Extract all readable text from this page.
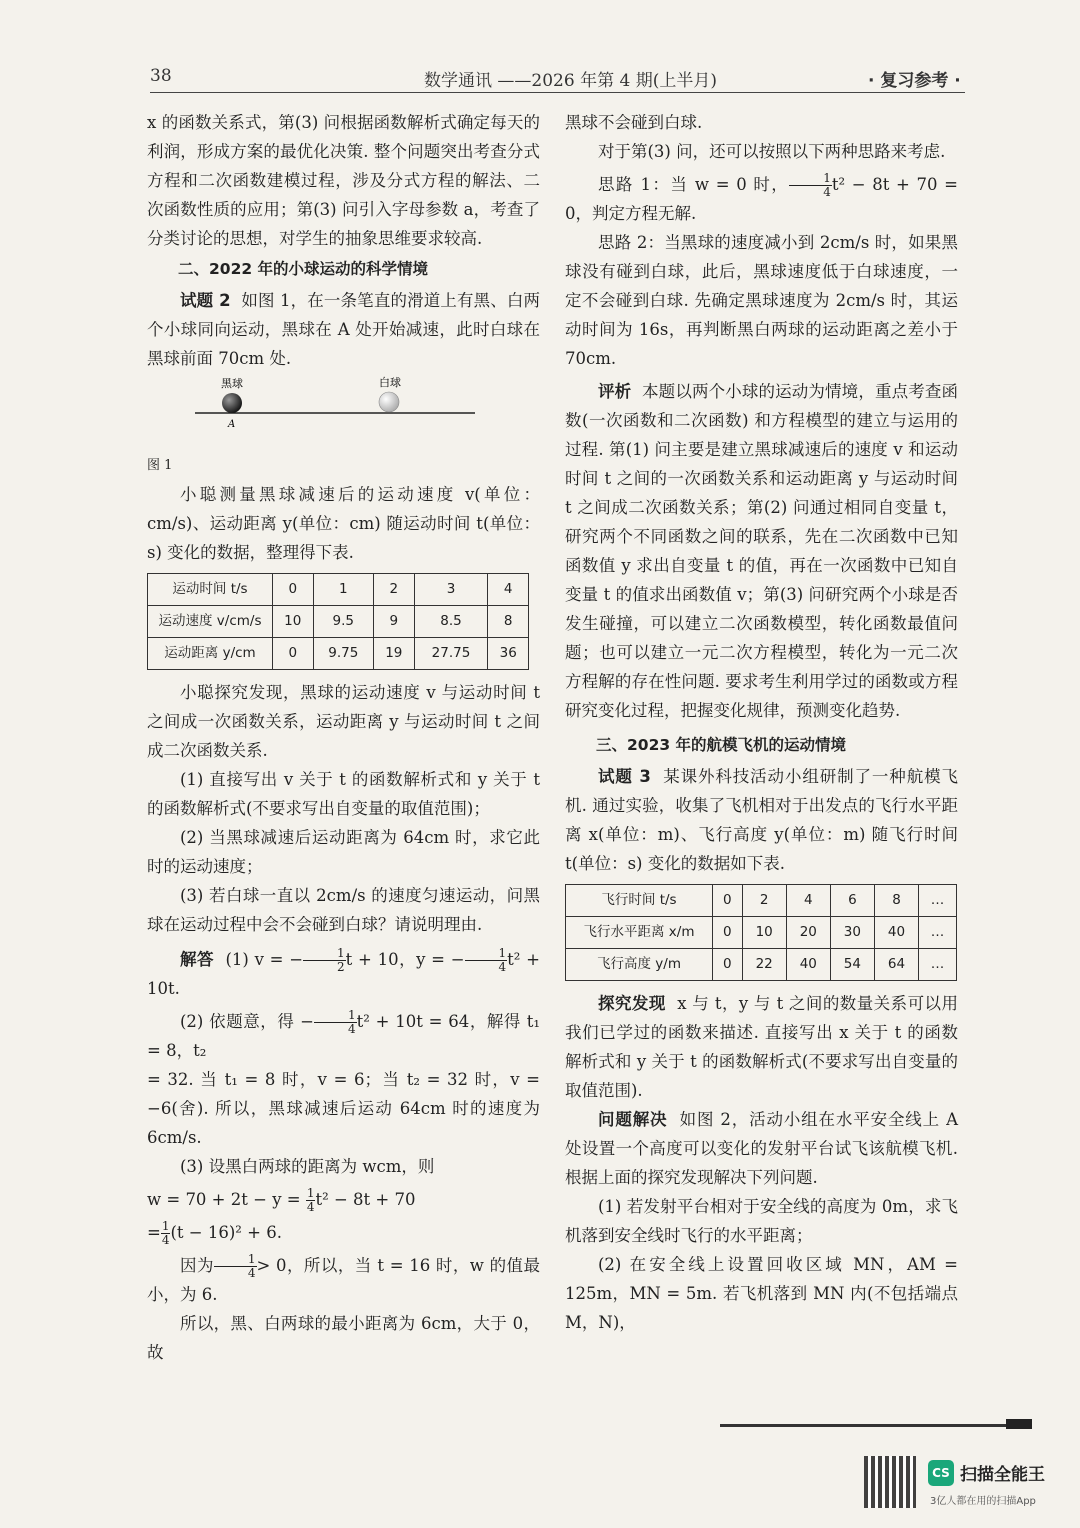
38	数学通讯 ——2026 年第 4 期(上半月)	· 复习参考 ·

x 的函数关系式，第(3) 问根据函数解析式确定每天的利润，形成方案的最优化决策. 整个问题突出考查分式方程和二次函数建模过程，涉及分式方程的解法、二次函数性质的应用；第(3) 问引入字母参数 a，考查了分类讨论的思想，对学生的抽象思维要求较高.

二、2022 年的小球运动的科学情境

试题 2 如图 1，在一条笔直的滑道上有黑、白两个小球同向运动，黑球在 A 处开始减速，此时白球在黑球前面 70cm 处.

黑球	白球
A

图 1

小聪测量黑球减速后的运动速度 v(单位：cm/s)、运动距离 y(单位：cm) 随运动时间 t(单位：s) 变化的数据，整理得下表.

运动时间 t/s	0	1	2	3	4
运动速度 v/cm/s	10	9.5	9	8.5	8
运动距离 y/cm	0	9.75	19	27.75	36

小聪探究发现，黑球的运动速度 v 与运动时间 t 之间成一次函数关系，运动距离 y 与运动时间 t 之间成二次函数关系.

(1) 直接写出 v 关于 t 的函数解析式和 y 关于 t 的函数解析式(不要求写出自变量的取值范围)；

(2) 当黑球减速后运动距离为 64cm 时，求它此时的运动速度；

(3) 若白球一直以 2cm/s 的速度匀速运动，问黑球在运动过程中会不会碰到白球？请说明理由.

解答 (1) v = − $\frac{1}{2}$ t + 10，y = − $\frac{1}{4} t^2 + 10t$.

(2) 依题意，得 − $\frac{1}{4} t^2 + 10t = 64$，解得 t₁ = 8，t₂

= 32. 当 t₁ = 8 时，v = 6；当 t₂ = 32 时，v = −6(舍). 所以，黑球减速后运动 64cm 时的速度为 6cm/s.

(3) 设黑白两球的距离为 wcm，则

$w = 70 + 2t - y = \frac{1}{4} t^2 - 8t + 70$

= $\frac{1}{4} (t - 16)^2 + 6$.

因为 $\frac{1}{4} > 0$，所以，当 t = 16 时，w 的值最小，为 6.

所以，黑、白两球的最小距离为 6cm，大于 0，故

黑球不会碰到白球.

对于第(3) 问，还可以按照以下两种思路来考虑.

思路 1：当 w = 0 时， $\frac{1}{4} t^2 - 8t + 70 = 0$，判定方程无解.

思路 2：当黑球的速度减小到 2cm/s 时，如果黑球没有碰到白球，此后，黑球速度低于白球速度，一定不会碰到白球. 先确定黑球速度为 2cm/s 时，其运动时间为 16s，再判断黑白两球的运动距离之差小于 70cm.

评析 本题以两个小球的运动为情境，重点考查函数(一次函数和二次函数) 和方程模型的建立与运用的过程. 第(1) 问主要是建立黑球减速后的速度 v 和运动时间 t 之间的一次函数关系和运动距离 y 与运动时间 t 之间成二次函数关系；第(2) 问通过相同自变量 t，研究两个不同函数之间的联系，先在二次函数中已知函数值 y 求出自变量 t 的值，再在一次函数中已知自变量 t 的值求出函数值 v；第(3) 问研究两个小球是否发生碰撞，可以建立二次函数模型，转化函数最值问题；也可以建立一元二次方程模型，转化为一元二次方程解的存在性问题. 要求考生利用学过的函数或方程研究变化过程，把握变化规律，预测变化趋势.

三、2023 年的航模飞机的运动情境

试题 3 某课外科技活动小组研制了一种航模飞机. 通过实验，收集了飞机相对于出发点的飞行水平距离 x(单位：m)、飞行高度 y(单位：m) 随飞行时间 t(单位：s) 变化的数据如下表.

飞行时间 t/s	0	2	4	6	8	…
飞行水平距离 x/m	0	10	20	30	40	…
飞行高度 y/m	0	22	40	54	64	…

探究发现 x 与 t，y 与 t 之间的数量关系可以用我们已学过的函数来描述. 直接写出 x 关于 t 的函数解析式和 y 关于 t 的函数解析式(不要求写出自变量的取值范围).

问题解决 如图 2，活动小组在水平安全线上 A 处设置一个高度可以变化的发射平台试飞该航模飞机. 根据上面的探究发现解决下列问题.

(1) 若发射平台相对于安全线的高度为 0m，求飞机落到安全线时飞行的水平距离；

(2) 在安全线上设置回收区域 MN，AM = 125m，MN = 5m. 若飞机落到 MN 内(不包括端点 M，N)，

CS 扫描全能王
3亿人都在用的扫描App
